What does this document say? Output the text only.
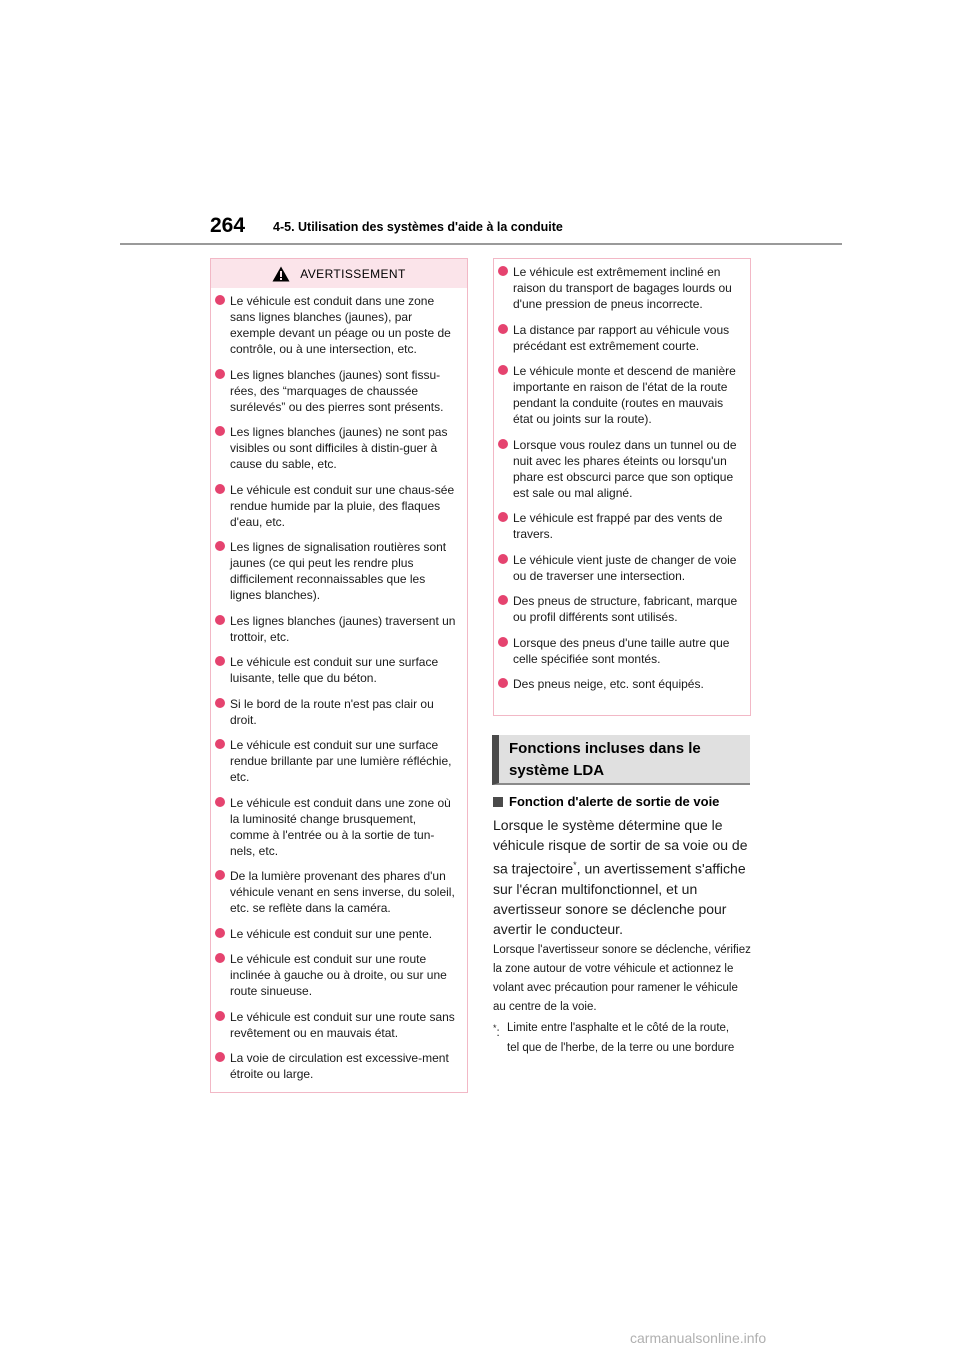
264 4-5. Utilisation des systèmes d'aide à la conduite
AVERTISSEMENT
Le véhicule est conduit dans une zone sans lignes blanches (jaunes), par exemple devant un péage ou un poste de contrôle, ou à une intersection, etc.
Les lignes blanches (jaunes) sont fissu-rées, des “marquages de chaussée surélevés” ou des pierres sont présents.
Les lignes blanches (jaunes) ne sont pas visibles ou sont difficiles à distin-guer à cause du sable, etc.
Le véhicule est conduit sur une chaus-sée rendue humide par la pluie, des flaques d'eau, etc.
Les lignes de signalisation routières sont jaunes (ce qui peut les rendre plus difficilement reconnaissables que les lignes blanches).
Les lignes blanches (jaunes) traversent un trottoir, etc.
Le véhicule est conduit sur une surface luisante, telle que du béton.
Si le bord de la route n'est pas clair ou droit.
Le véhicule est conduit sur une surface rendue brillante par une lumière réfléchie, etc.
Le véhicule est conduit dans une zone où la luminosité change brusquement, comme à l'entrée ou à la sortie de tun-nels, etc.
De la lumière provenant des phares d'un véhicule venant en sens inverse, du soleil, etc. se reflète dans la caméra.
Le véhicule est conduit sur une pente.
Le véhicule est conduit sur une route inclinée à gauche ou à droite, ou sur une route sinueuse.
Le véhicule est conduit sur une route sans revêtement ou en mauvais état.
La voie de circulation est excessive-ment étroite ou large.
Le véhicule est extrêmement incliné en raison du transport de bagages lourds ou d'une pression de pneus incorrecte.
La distance par rapport au véhicule vous précédant est extrêmement courte.
Le véhicule monte et descend de manière importante en raison de l'état de la route pendant la conduite (routes en mauvais état ou joints sur la route).
Lorsque vous roulez dans un tunnel ou de nuit avec les phares éteints ou lorsqu'un phare est obscurci parce que son optique est sale ou mal aligné.
Le véhicule est frappé par des vents de travers.
Le véhicule vient juste de changer de voie ou de traverser une intersection.
Des pneus de structure, fabricant, marque ou profil différents sont utilisés.
Lorsque des pneus d'une taille autre que celle spécifiée sont montés.
Des pneus neige, etc. sont équipés.
Fonctions incluses dans le
système LDA
Fonction d'alerte de sortie de voie

Lorsque le système détermine que le véhicule risque de sortir de sa voie ou de sa trajectoire*, un avertissement s'affiche sur l'écran multifonctionnel, et un avertisseur sonore se déclenche pour avertir le conducteur.

Lorsque l'avertisseur sonore se déclenche, vérifiez la zone autour de votre véhicule et actionnez le volant avec précaution pour ramener le véhicule au centre de la voie.

*: Limite entre l'asphalte et le côté de la route, tel que de l'herbe, de la terre ou une bordure
carmanualsonline.info
